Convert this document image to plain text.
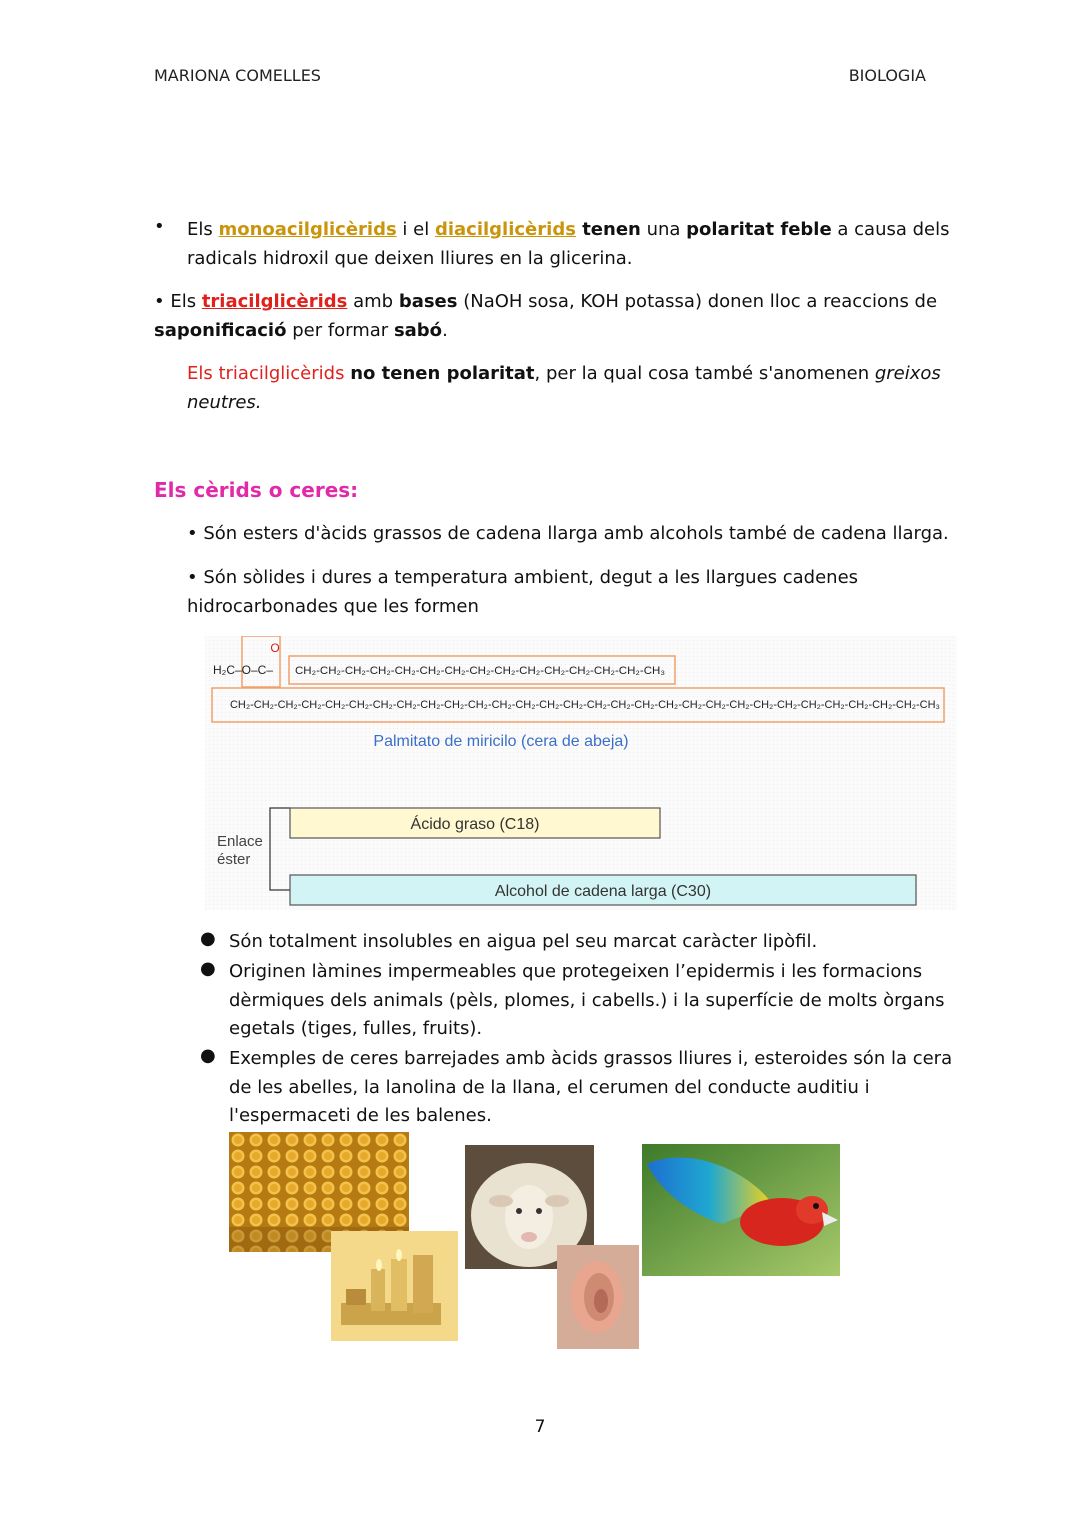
MARIONA COMELLES	BIOLOGIA
• Els monoacilglicèrids i el diacilglicèrids tenen una polaritat feble a causa dels
radicals hidroxil que deixen lliures en la glicerina.
• Els triacilglicèrids amb bases (NaOH sosa, KOH potassa) donen lloc a reaccions de
saponificació per formar sabó.
Els triacilglicèrids no tenen polaritat, per la qual cosa també s'anomenen greixos
neutres.
Els cèrids o ceres:
• Són esters d'àcids grassos de cadena llarga amb alcohols també de cadena llarga.
• Són sòlides i dures a temperatura ambient, degut a les llargues cadenes
hidrocarbonades que les formen
O
H₂C–O–C– CH₂-CH₂-CH₂-CH₂-CH₂-CH₂-CH₂-CH₂-CH₂-CH₂-CH₂-CH₂-CH₂-CH₂-CH₃
CH₂-CH₂-CH₂-CH₂-CH₂-CH₂-CH₂-CH₂-CH₂-CH₂-CH₂-CH₂-CH₂-CH₂-CH₂-CH₂-CH₂-CH₂-CH₂-CH₂-CH₂-CH₂-CH₂-CH₂-CH₂-CH₂-CH₂-CH₂-CH₂-CH₃
Palmitato de miricilo (cera de abeja)
Enlace
éster
Ácido graso (C18)
Alcohol de cadena larga (C30)
● Són totalment insolubles en aigua pel seu marcat caràcter lipòfil.
● Originen làmines impermeables que protegeixen l’epidermis i les formacions
dèrmiques dels animals (pèls, plomes, i cabells.) i la superfície de molts òrgans
egetals (tiges, fulles, fruits).
● Exemples de ceres barrejades amb àcids grassos lliures i, esteroides són la cera
de les abelles, la lanolina de la llana, el cerumen del conducte auditiu i
l'espermaceti de les balenes.
7
